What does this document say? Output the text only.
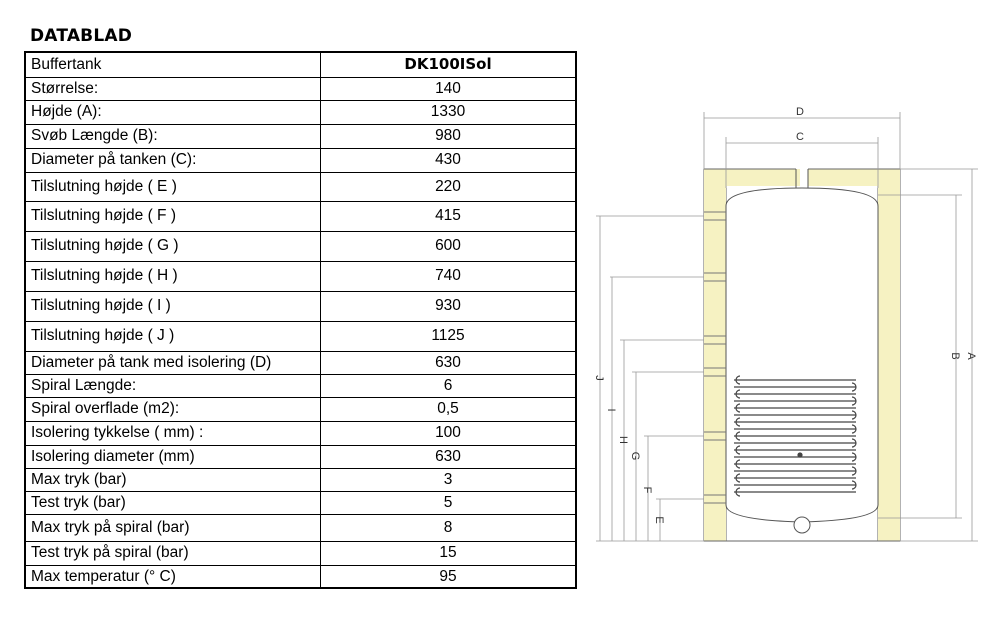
DATABLAD
Buffertank	DK100ISol
Størrelse:	140
Højde (A):	1330
Svøb Længde (B):	980
Diameter på tanken (C):	430
Tilslutning højde ( E )	220
Tilslutning højde ( F )	415
Tilslutning højde ( G )	600
Tilslutning højde ( H )	740
Tilslutning højde ( I )	930
Tilslutning højde ( J )	1125
Diameter på tank med isolering (D)	630
Spiral Længde:	6
Spiral overflade (m2):	0,5
Isolering tykkelse ( mm) :	100
Isolering diameter (mm)	630
Max tryk (bar)	3
Test tryk (bar)	5
Max tryk på spiral (bar)	8
Test tryk på spiral (bar)	15
Max temperatur (° C)	95
D
C
A
B
J
I
H
G
F
E
